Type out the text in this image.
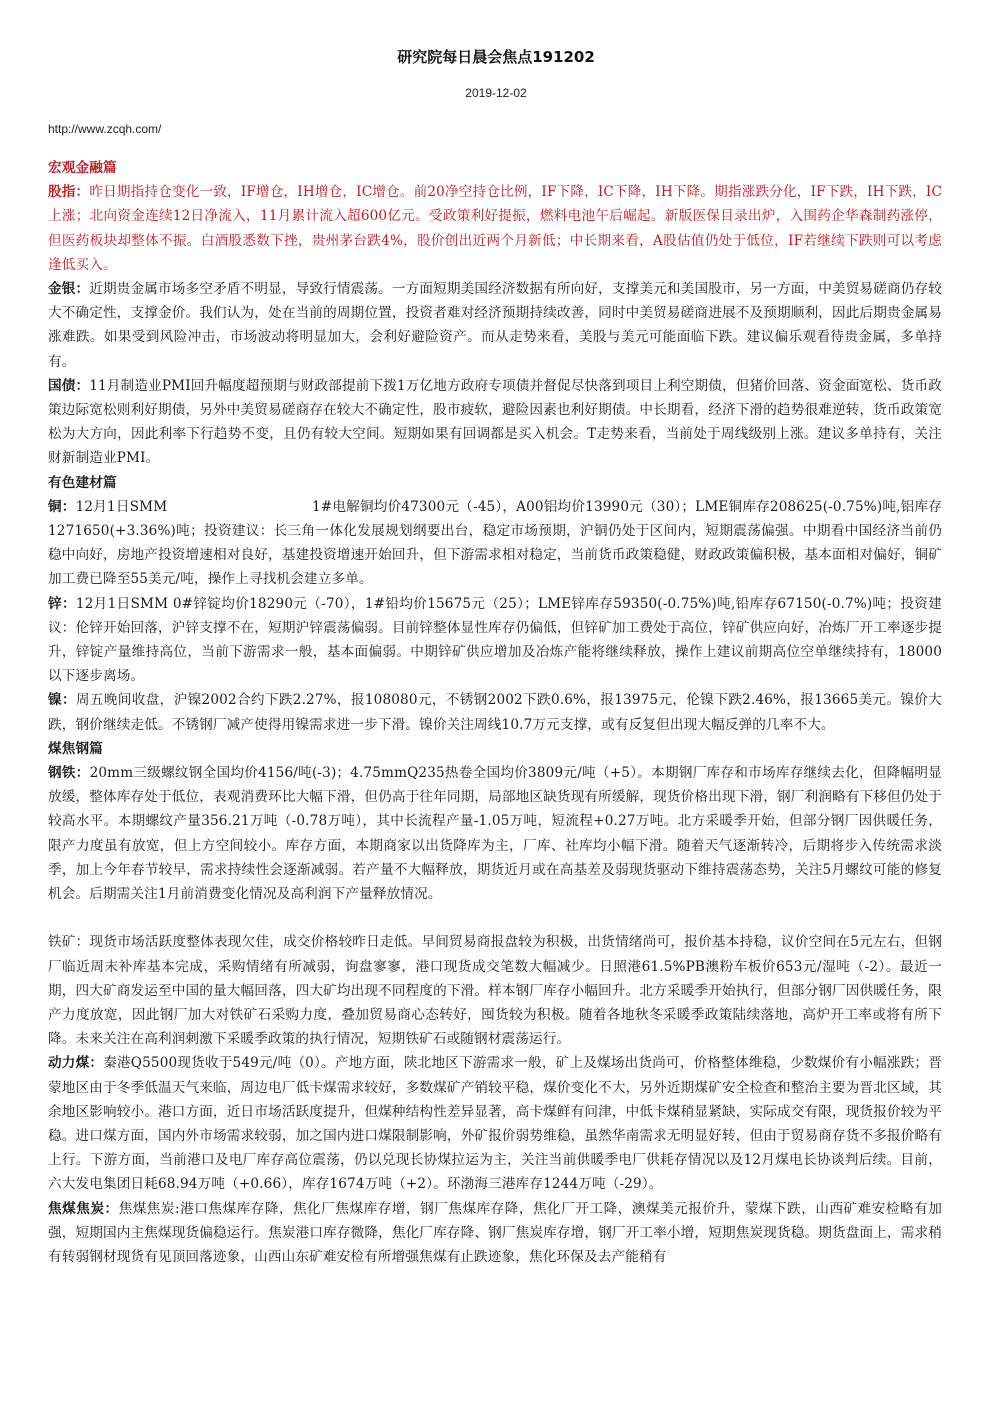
研究院每日晨会焦点191202
2019-12-02
http://www.zcqh.com/

宏观金融篇

股指：昨日期指持仓变化一致，IF增仓，IH增仓，IC增仓。前20净空持仓比例，IF下降，IC下降，IH下降。期指涨跌分化，IF下跌，IH下跌，IC上涨；北向资金连续12日净流入，11月累计流入超600亿元。受政策利好提振，燃料电池午后崛起。新版医保目录出炉，入围药企华森制药涨停，但医药板块却整体不振。白酒股悉数下挫，贵州茅台跌4%，股价创出近两个月新低；中长期来看，A股估值仍处于低位，IF若继续下跌则可以考虑逢低买入。

金银：近期贵金属市场多空矛盾不明显，导致行情震荡。一方面短期美国经济数据有所向好，支撑美元和美国股市，另一方面，中美贸易磋商仍存较大不确定性，支撑金价。我们认为，处在当前的周期位置，投资者难对经济预期持续改善，同时中美贸易磋商进展不及预期顺利，因此后期贵金属易涨难跌。如果受到风险冲击，市场波动将明显加大，会利好避险资产。而从走势来看，美股与美元可能面临下跌。建议偏乐观看待贵金属，多单持有。

国债：11月制造业PMI回升幅度超预期与财政部提前下拨1万亿地方政府专项债并督促尽快落到项目上利空期债，但猪价回落、资金面宽松、货币政策边际宽松则利好期债，另外中美贸易磋商存在较大不确定性，股市疲软，避险因素也利好期债。中长期看，经济下滑的趋势很难逆转，货币政策宽松为大方向，因此利率下行趋势不变，且仍有较大空间。短期如果有回调都是买入机会。T走势来看，当前处于周线级别上涨。建议多单持有，关注财新制造业PMI。

有色建材篇

铜：12月1日SMM                                1#电解铜均价47300元（-45），A00铝均价13990元（30）；LME铜库存208625(-0.75%)吨,铝库存1271650(+3.36%)吨；投资建议：长三角一体化发展规划纲要出台，稳定市场预期，沪铜仍处于区间内，短期震荡偏强。中期看中国经济当前仍稳中向好，房地产投资增速相对良好，基建投资增速开始回升，但下游需求相对稳定，当前货币政策稳健，财政政策偏积极，基本面相对偏好，铜矿加工费已降至55美元/吨，操作上寻找机会建立多单。

锌：12月1日SMM 0#锌锭均价18290元（-70），1#铅均价15675元（25）；LME锌库存59350(-0.75%)吨,铅库存67150(-0.7%)吨；投资建议：伦锌开始回落，沪锌支撑不在，短期沪锌震荡偏弱。目前锌整体显性库存仍偏低，但锌矿加工费处于高位，锌矿供应向好，冶炼厂开工率逐步提升，锌锭产量维持高位，当前下游需求一般，基本面偏弱。中期锌矿供应增加及冶炼产能将继续释放，操作上建议前期高位空单继续持有，18000以下逐步离场。

镍：周五晚间收盘，沪镍2002合约下跌2.27%，报108080元，不锈钢2002下跌0.6%，报13975元，伦镍下跌2.46%，报13665美元。镍价大跌，钢价继续走低。不锈钢厂减产使得用镍需求进一步下滑。镍价关注周线10.7万元支撑，或有反复但出现大幅反弹的几率不大。

煤焦钢篇

钢铁：20mm三级螺纹钢全国均价4156/吨(-3)；4.75mmQ235热卷全国均价3809元/吨（+5）。本期钢厂库存和市场库存继续去化，但降幅明显放缓，整体库存处于低位，表观消费环比大幅下滑，但仍高于往年同期，局部地区缺货现有所缓解，现货价格出现下滑，钢厂利润略有下移但仍处于较高水平。本期螺纹产量356.21万吨（-0.78万吨），其中长流程产量-1.05万吨，短流程+0.27万吨。北方采暖季开始，但部分钢厂因供暖任务，限产力度虽有放宽，但上方空间较小。库存方面，本期商家以出货降库为主，厂库、社库均小幅下滑。随着天气逐渐转冷，后期将步入传统需求淡季，加上今年春节较早，需求持续性会逐渐减弱。若产量不大幅释放，期货近月或在高基差及弱现货驱动下维持震荡态势，关注5月螺纹可能的修复机会。后期需关注1月前消费变化情况及高利润下产量释放情况。

铁矿：现货市场活跃度整体表现欠佳，成交价格较昨日走低。早间贸易商报盘较为积极，出货情绪尚可，报价基本持稳，议价空间在5元左右，但钢厂临近周末补库基本完成，采购情绪有所减弱，询盘寥寥，港口现货成交笔数大幅减少。日照港61.5%PB澳粉车板价653元/湿吨（-2）。最近一期，四大矿商发运至中国的量大幅回落，四大矿均出现不同程度的下滑。样本钢厂库存小幅回升。北方采暖季开始执行，但部分钢厂因供暖任务，限产力度放宽，因此钢厂加大对铁矿石采购力度，叠加贸易商心态转好，囤货较为积极。随着各地秋冬采暖季政策陆续落地，高炉开工率或将有所下降。未来关注在高利润刺激下采暖季政策的执行情况，短期铁矿石或随钢材震荡运行。

动力煤：秦港Q5500现货收于549元/吨（0）。产地方面，陕北地区下游需求一般，矿上及煤场出货尚可，价格整体维稳，少数煤价有小幅涨跌；晋蒙地区由于冬季低温天气来临，周边电厂低卡煤需求较好，多数煤矿产销较平稳，煤价变化不大，另外近期煤矿安全检查和整治主要为晋北区域，其余地区影响较小。港口方面，近日市场活跃度提升，但煤种结构性差异显著，高卡煤鲜有问津，中低卡煤稍显紧缺，实际成交有限，现货报价较为平稳。进口煤方面，国内外市场需求较弱，加之国内进口煤限制影响，外矿报价弱势维稳，虽然华南需求无明显好转，但由于贸易商存货不多报价略有上行。下游方面，当前港口及电厂库存高位震荡，仍以兑现长协煤拉运为主，关注当前供暖季电厂供耗存情况以及12月煤电长协谈判后续。目前，六大发电集团日耗68.94万吨（+0.66），库存1674万吨（+2）。环渤海三港库存1244万吨（-29）。

焦煤焦炭：焦煤焦炭:港口焦煤库存降，焦化厂焦煤库存增，钢厂焦煤库存降，焦化厂开工降，澳煤美元报价升，蒙煤下跌，山西矿难安检略有加强，短期国内主焦煤现货偏稳运行。焦炭港口库存微降，焦化厂库存降、钢厂焦炭库存增，钢厂开工率小增，短期焦炭现货稳。期货盘面上，需求稍有转弱钢材现货有见顶回落迹象，山西山东矿难安检有所增强焦煤有止跌迹象，焦化环保及去产能稍有
